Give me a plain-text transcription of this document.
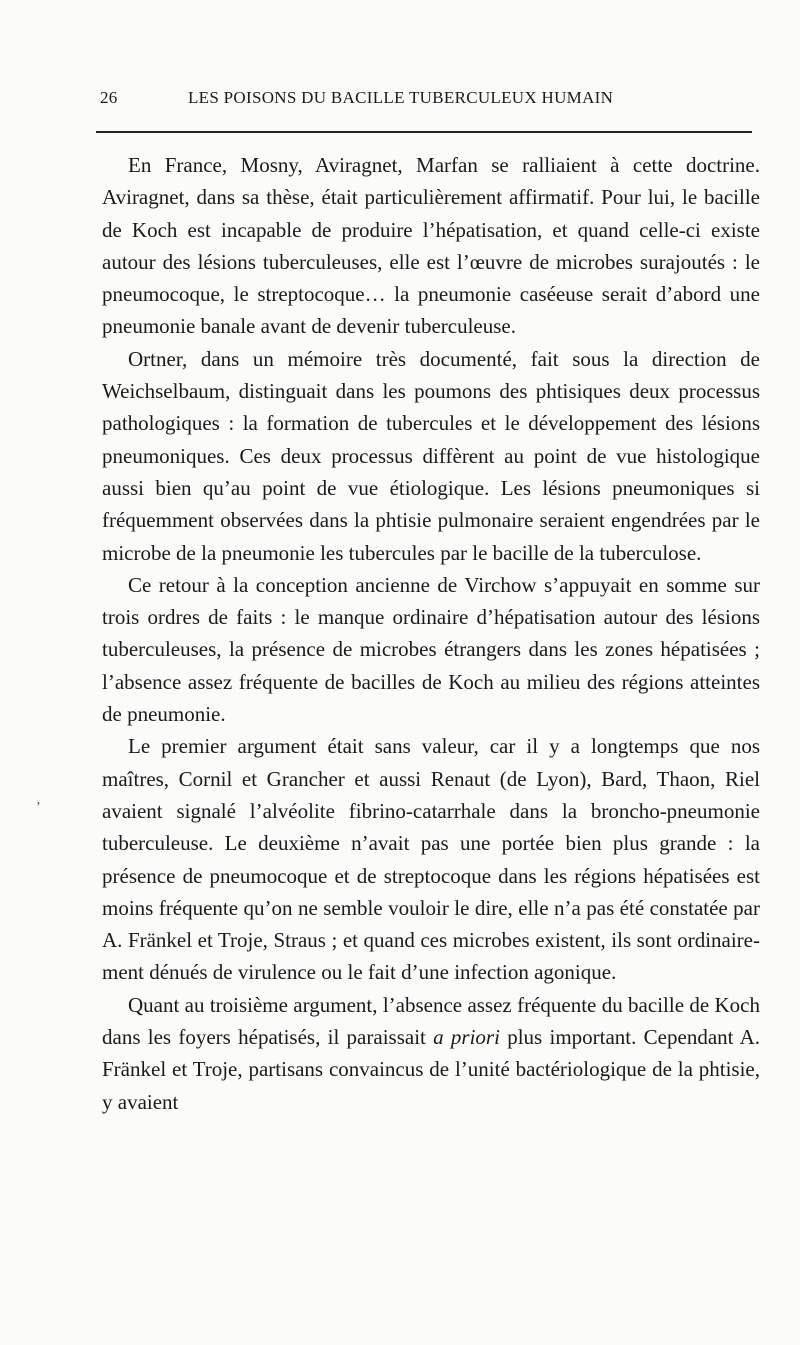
26	LES POISONS DU BACILLE TUBERCULEUX HUMAIN
’

En France, Mosny, Aviragnet, Marfan se ralliaient à cette doctrine. Aviragnet, dans sa thèse, était particulièrement affirmatif. Pour lui, le bacille de Koch est incapable de produire l’hépatisation, et quand celle-ci existe autour des lésions tuberculeuses, elle est l’œuvre de microbes surajoutés : le pneumocoque, le streptocoque… la pneumonie caséeuse serait d’abord une pneumonie banale avant de devenir tuberculeuse.

Ortner, dans un mémoire très documenté, fait sous la direction de Weichselbaum, distinguait dans les poumons des phtisiques deux processus pathologiques : la formation de tubercules et le développement des lésions pneumoniques. Ces deux processus diffèrent au point de vue histologique aussi bien qu’au point de vue étiologique. Les lésions pneumoniques si fréquemment observées dans la phtisie pulmonaire seraient engendrées par le microbe de la pneumonie les tubercules par le bacille de la tuberculose.

Ce retour à la conception ancienne de Virchow s’appuyait en somme sur trois ordres de faits : le manque ordinaire d’hépatisation autour des lésions tuberculeuses, la présence de microbes étrangers dans les zones hépatisées ; l’absence assez fréquente de bacilles de Koch au milieu des régions atteintes de pneumonie.

Le premier argument était sans valeur, car il y a longtemps que nos maîtres, Cornil et Grancher et aussi Renaut (de Lyon), Bard, Thaon, Riel avaient signalé l’alvéolite fibrino-catarrhale dans la broncho-pneumonie tuberculeuse. Le deuxième n’avait pas une portée bien plus grande : la présence de pneumocoque et de streptocoque dans les régions hépatisées est moins fréquente qu’on ne semble vouloir le dire, elle n’a pas été constatée par A. Fränkel et Troje, Straus ; et quand ces microbes existent, ils sont ordinairement dénués de virulence ou le fait d’une infection agonique.

Quant au troisième argument, l’absence assez fréquente du bacille de Koch dans les foyers hépatisés, il paraissait a priori plus important. Cependant A. Fränkel et Troje, partisans convaincus de l’unité bactériologique de la phtisie, y avaient
